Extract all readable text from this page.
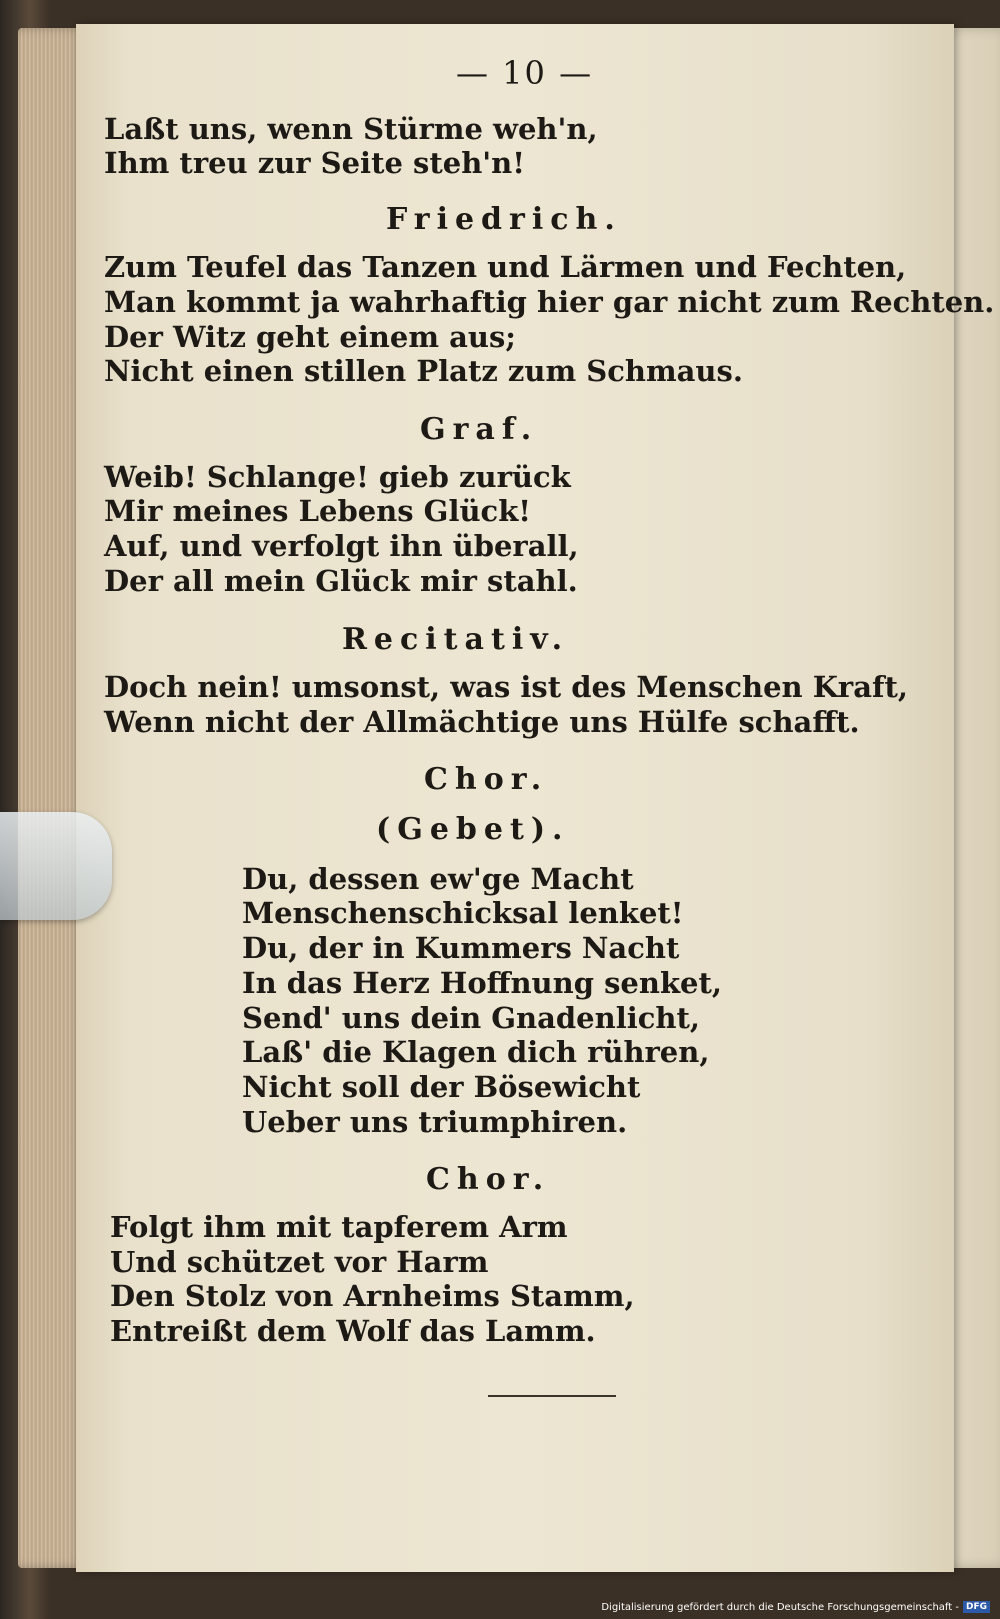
— 10 —
Laßt uns, wenn Stürme weh'n,
Ihm treu zur Seite steh'n!
Friedrich.
Zum Teufel das Tanzen und Lärmen und Fechten,
Man kommt ja wahrhaftig hier gar nicht zum Rechten.
Der Witz geht einem aus;
Nicht einen stillen Platz zum Schmaus.
Graf.
Weib! Schlange! gieb zurück
Mir meines Lebens Glück!
Auf, und verfolgt ihn überall,
Der all mein Glück mir stahl.
Recitativ.
Doch nein! umsonst, was ist des Menschen Kraft,
Wenn nicht der Allmächtige uns Hülfe schafft.
Chor.
(Gebet).
Du, dessen ew'ge Macht
Menschenschicksal lenket!
Du, der in Kummers Nacht
In das Herz Hoffnung senket,
Send' uns dein Gnadenlicht,
Laß' die Klagen dich rühren,
Nicht soll der Bösewicht
Ueber uns triumphiren.
Chor.
Folgt ihm mit tapferem Arm
Und schützet vor Harm
Den Stolz von Arnheims Stamm,
Entreißt dem Wolf das Lamm.
Digitalisierung gefördert durch die Deutsche Forschungsgemeinschaft - DFG
